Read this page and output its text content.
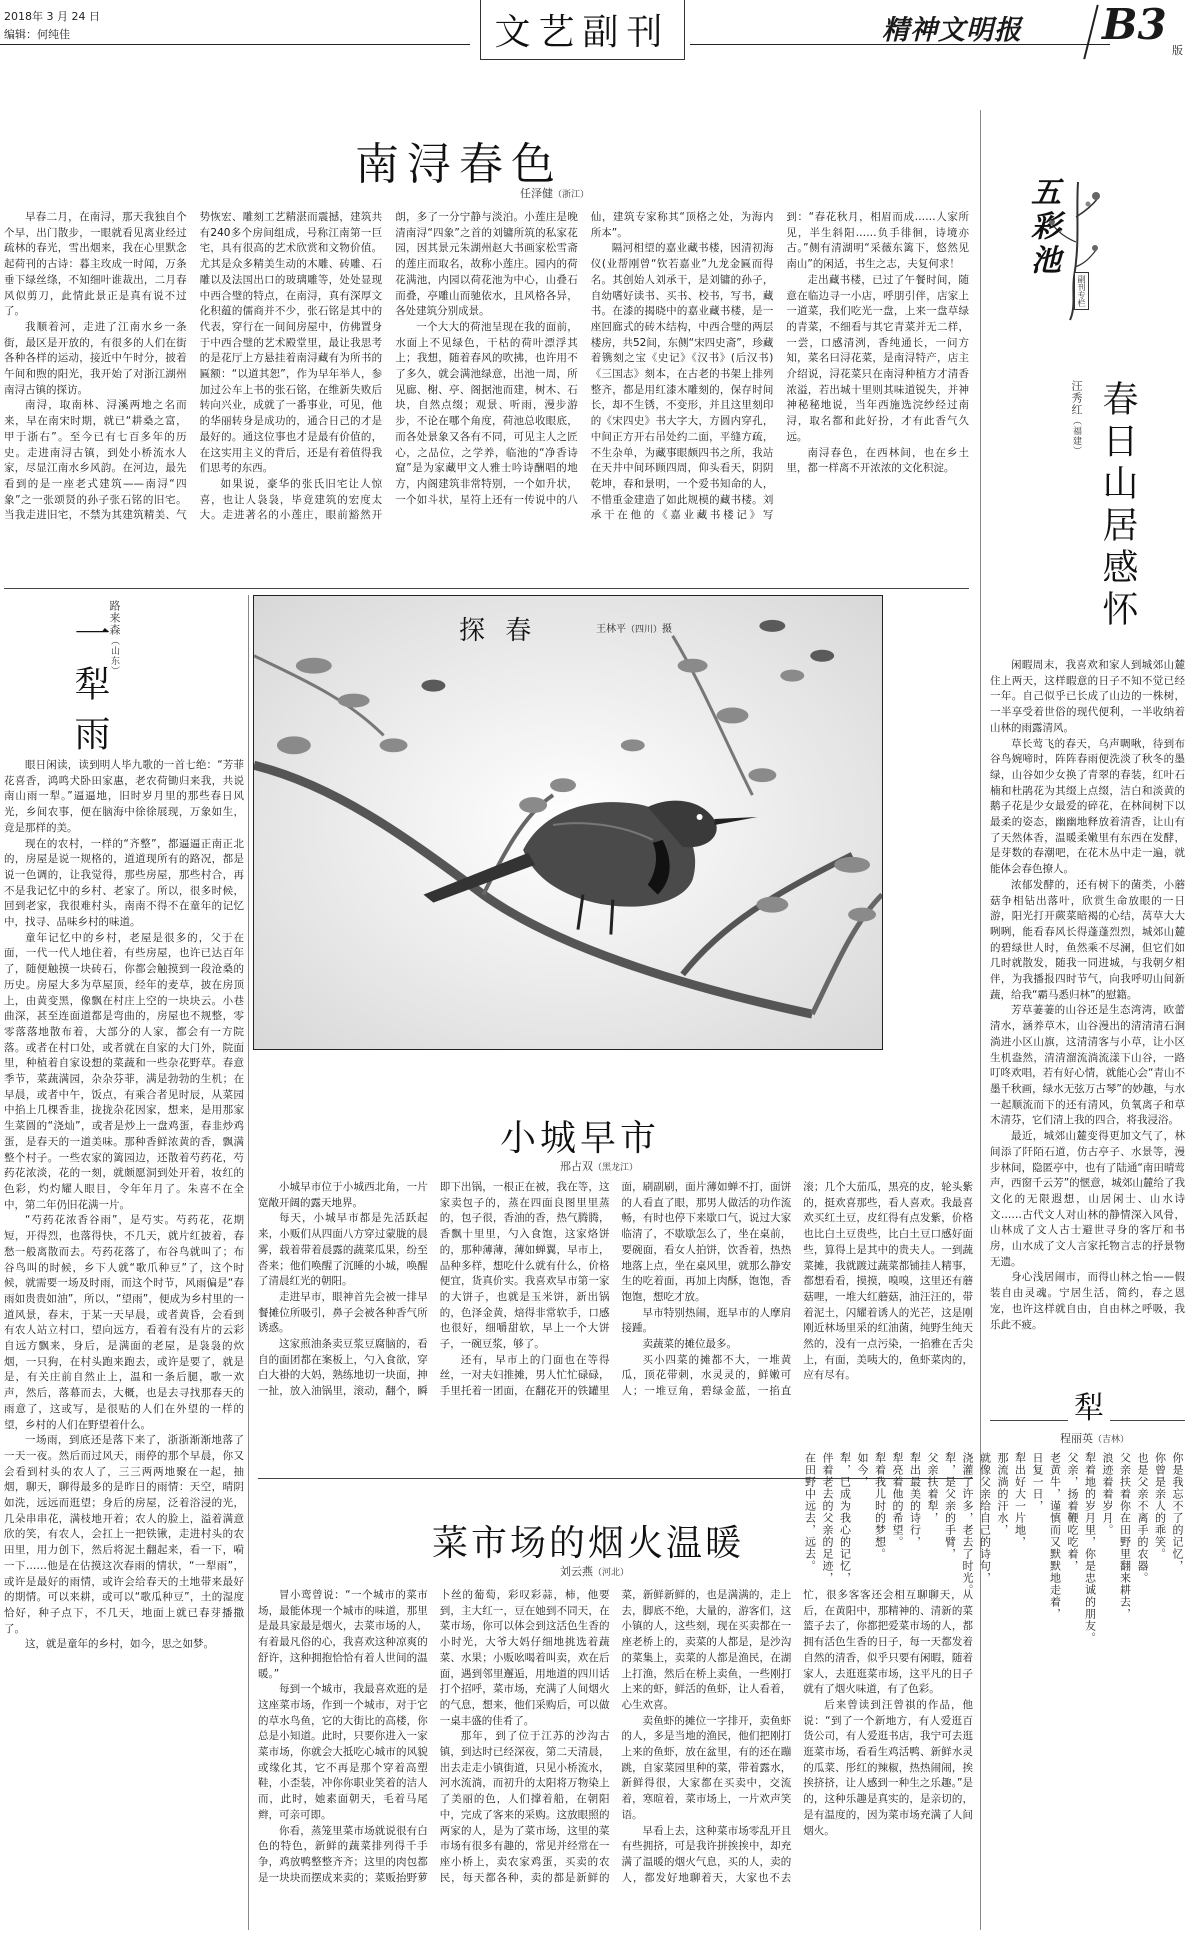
2018年 3 月 24 日
编辑：何纯佳	文艺副刊	精神文明报 B3
版
南浔春色
任泽健（浙江）

早春二月，在南浔，那天我独自个个早，出门散步，一眼就看见离业经过疏林的春光，雪出烟来，我在心里默念起荷刊的古诗：暮主玫成一时闻，万条垂下绿丝绦，不知细叶谁裁出，二月春风似剪刀，此情此景正是真有说不过了。

我顺着河，走进了江南水乡一条街，最区是开放的，有很多的人们在街各种各样的运动，接近中午时分，披着午间和煦的阳光，我开始了对浙江湖州南浔古镇的探访。

南浔，取南林、浔溪两地之名而来，早在南宋时期，就已“耕桑之富，甲于浙右”。至今已有七百多年的历史。走进南浔古镇，到处小桥流水人家，尽显江南水乡风韵。在河边，最先看到的是一座老式建筑——南浔“四象”之一张颂贤的孙子张石铭的旧宅。当我走进旧宅，不禁为其建筑精美、气势恢宏、雕刻工艺精湛而震撼，建筑共有240多个房间组成，号称江南第一巨宅，具有很高的艺术欣赏和文物价值。尤其是众多精美生动的木雕、砖雕、石雕以及法国出口的玻璃雕等，处处显现中西合璧的特点，在南浔，真有深厚文化积蕴的儒商并不少，张石铭是其中的代表，穿行在一间间房屋中，仿佛置身于中西合璧的艺术殿堂里，最让我思考的是花厅上方悬挂着南浔藏有为所书的匾额：“以道其恕”，作为早年举人，参加过公车上书的张石铭，在维新失败后转向兴业，成就了一番事业，可见，他的华丽转身是成功的，通合日己的才是最好的。通这位事也才是最有价值的，在这实用主义的背后，还是有着值得我们思考的东西。

如果说，豪华的张氏旧宅让人惊喜，也让人袅袅，毕竟建筑的宏度太大。走进著名的小莲庄，眼前豁然开朗，多了一分宁静与淡泊。小莲庄是晚清南浔“四象”之首的刘镛所筑的私家花园，因其景元朱湖州赵大书画家松雪斋的莲庄而取名，故称小莲庄。园内的荷花满池，内园以荷花池为中心，山叠石而叠，亭雕山而驰依水，且风格各异，各处建筑分别成景。

一个大大的荷池呈现在我的面前，水面上不见绿色，干枯的荷叶漂浮其上；我想，随着春风的吹拂，也许用不了多久，就会满池绿意，出池一周，所见廊、榭、亭、阁据池而建，树木、石块，自然点缀；观景、听雨，漫步游步，不论在哪个角度，荷池总收眼底，而各处景象又各有不同，可见主人之匠心，之品位，之学养，临池的“净香诗窟”是为家藏甲文人雅士吟诗酬唱的地方，内阁建筑非常特别，一个如升状，一个如斗状，星符上还有一传说中的八仙，建筑专家称其“顶格之处，为海内所本”。

隔河相望的嘉业藏书楼，因清初海仪(业帮刚曾“钦若嘉业”九龙金匾而得名。其创始人刘承干，是刘镛的孙子，自幼嗜好读书、买书、校书，写书，藏书。在漆的揭晓中的嘉业藏书楼，是一座回廊式的砖木结构，中西合璧的两层楼房，共52间，东侧“宋四史斋”，珍藏着镌刻之宝《史记》《汉书》(后汉书)《三国志》刻本，在古老的书架上排列整齐，都是用红漆木雕刻的，保存时间长，却不生锈，不变形，并且这里刻印的《宋四史》书大字大，方圆内穿孔，中间正方开右吊处约二面，平缝方疏，不生杂单，为藏事眼颇四书之所，我站在天井中间环顾四周，仰头看天，阴阴乾坤，春和景明，一个爱书知命的人，不惜重金建造了如此规模的藏书楼。刘承干在他的《嘉业藏书楼记》写到：“春花秋月，相眉而成……人家所见，半生斜阳……负手徘徊，诗境亦古。”侧有清湖明“采薇东篱下，悠然见南山”的闲适，书生之志，夫复何求！

走出藏书楼，已过了午餐时间，随意在临边寻一小店，呼朋引伴，店家上一道菜，我们吃光一盘，上来一盘草绿的青菜，不细看与其它青菜并无二样，一尝，口感清洌，香纯通长，一问方知，菜名曰浔花菜，是南浔特产，店主介绍说，浔花菜只在南浔种植方才清香浓溢，若出城十里则其味道锐失，并神神秘秘地说，当年西施选浣纱经过南浔，取名都和此好扮，才有此香气久远。

南浔春色，在西林间，也在乡土里，都一样离不开浓浓的文化积淀。

五彩池
副刊专栏
春日山居感怀
汪秀红（福建）

闲暇周末，我喜欢和家人到城郊山麓住上两天，这样暇意的日子不知不觉已经一年。自己似乎已长成了山边的一株树，一半享受着世俗的现代便利，一半收纳着山林的雨露清风。

草长莺飞的春天，乌声啁啾，待到布谷鸟婉啼时，阵阵春雨便洗淡了秋冬的墨绿，山谷如少女换了青翠的春装，红叶石楠和杜鹃花为其缀上点缀，洁白和淡黄的鹅子花是少女最爱的碎花，在林间树下以最柔的姿态，幽幽地释放着清香，让山有了天然体香，温暖柔嫩里有东西在发酵，是芽数的春潮吧，在花木丛中走一遍，就能体会春色撩人。

浓郁发酵的，还有树下的菌类，小蘑菇争相钻出落叶，欣赏生命放眼的一日游，阳光打开蕨菜暗褐的心结，莴草大大咧咧，能看春风长得蓬蓬烈烈，城郊山麓的碧绿世人时，鱼然乘不尽澜，但它们如几时就散发，随我一同进城，与我朝夕相伴，为我播报四时节气，向我呼叨山间新蔬，给我“霸马悉归林”的慰籍。

芳草萋萋的山谷还是生态湾湾，欧蕾清水，涵养草木，山谷漫出的清清清石涧淌进小区山旗，这清清客与小草，让小区生机盎然，清清溜流淌流漾下山谷，一路叮咚欢唱，若有好心情，就能心会“青山不墨千秋画，绿水无弦万古琴”的妙趣，与水一起顺流而下的还有清风，负氧离子和草木清芬，它们清上我的四合，将我浸浴。

最近，城郊山麓变得更加文气了，林间添了阡陌石道，仿古亭子、水景等，漫步林间，隐匿亭中，也有了陆通“南田晴莺声，西窗千云芳”的惬意，城郊山麓给了我文化的无限遐想，山居闲士、山水诗文……古代文人对山林的静情深入风骨，山林成了文人古士避世寻身的客厅和书房，山水成了文人言家托物言志的抒景物无遗。

身心浅居闹市，而得山林之怡——假装自由灵魂。宁居生活，简约，春之恩宠，也许这样就自由，自由林之呼吸，我乐此不疲。

一犁雨
路来森（山东）

眼日闲读，读到明人毕九歌的一首七绝：“芳菲花喜香，鸿鸣犬卧田家惠，老农荷锄归来我，共说南山雨一犁。”逼逼地，旧时岁月里的那些春日风光，乡间农事，便在脑海中徐徐展现，万象如生，竟是那样的美。

现在的农村，一样的“齐整”，都逼逼正南正北的，房屋是说一规格的，道道现所有的路况，都是说一色调的，让我觉得，那些房屋，那些村合，再不是我记忆中的乡村、老家了。所以，很多时候，回到老家，我很难村头，南南不得不在童年的记忆中，找寻、品味乡村的味道。

童年记忆中的乡村，老屋是很多的，父于在面，一代一代人地住着，有些房屋，也许已达百年了，随便触摸一块砖石，你都会触摸到一段沧桑的历史。房屋大多为草屋顶，经年的麦草，披在房顶上，由黄变黑，像飘在村庄上空的一块块云。小巷曲深，甚至连面道都是弯曲的，房屋也不规整，零零落落地散布着，大部分的人家，都会有一方院落。或者在村口处，或者就在自家的大门外，院面里，种植着自家设想的菜蔬和一些杂花野草。春意季节，菜蔬满园，杂杂芬菲，满是勃勃的生机；在早晨，或者中午，饭点，有乘合者见时辰，从菜园中掐上几棵香韭，拢拢杂花因家，想来，是用那家生菜圆的“浇灿”，或者是炒上一盘鸡蛋，春韭炒鸡蛋，是春天的一道美味。那种香鲜浓黄的香，飘满整个村子。一些农家的篱园边，还散着芍药花，芍药花浓淡，花的一刻，就颇愿洞到处开着，妆红的色彩，灼灼耀人眼目，令年年月了。朱喜不在全中，第二年仍旧花满一片。

“芍药花浓香谷雨”，是芍实。芍药花，花期短，开得烈，也落得快，不几天，就片红披着，春愁一般离散而去。芍药花落了，布谷鸟就叫了；布谷鸟叫的时候，乡下人就“歌爪种豆”了，这个时候，就需要一场及时雨，而这个时节，风雨偏是“春雨如贵贵如油”，所以，“望雨”，便成为乡村里的一道风景，春末，于某一天早晨，或者黄昏，会看到有农人站立村口，望向远方，看着有没有片的云彩自远方飘来，身后，是满面的老屋，是袅袅的炊烟，一只狗，在村头跑来跑去，或许是要了，就是是，有关庄前自然止上，温和一条后腿，歌一欢声，然后，落幕而去，大概，也是去寻找那春天的雨意了，这或写，是很贴的人们在外望的一样的望，乡村的人们在野望着什么。

一场雨，到底还是落下来了，浙浙渐渐地落了一天一夜。然后而过风天，雨停的那个早晨，你又会看到村头的农人了，三三两两地聚在一起，抽烟，聊天，聊得最多的是昨日的雨情：天空，晴阴如洗，远远而逛望；身后的房屋，泛着浴浸的光，几朵串串花，满枝地开着；农人的脸上，溢着满意欣的笑，有农人，会扛上一把铁锹，走进村头的农田里，用力创下，然后将泥土翻起来，看一下，嗬一下……他是在估摸这次春雨的情状，“一犁雨”，或许是最好的雨情，或许会给春天的土地带来最好的期情。可以来耕，或可以“歌瓜种豆”，土的湿度恰好，种子点下，不几天，地面上就已春芽播撒了。

这，就是童年的乡村，如今，思之如梦。

探 春	王林平（四川）摄
小城早市
邢占双（黑龙江）

小城早市位于小城西北角，一片宽敞开阔的露天地界。

每天，小城早市都是先活跃起来，小贩们从四面八方穿过蒙胧的晨雾，载着带着晨露的蔬菜瓜果，纷至沓来；他们唤醒了沉睡的小城，唤醒了清晨红光的朝阳。

走进早市，眼神首先会被一排早餐摊位所吸引，鼻子会被各种香气所诱惑。

这家煎油条卖豆浆豆腐脑的，看自的面团都在案板上，勺入食欲，穿白大褂的大妈，熟练地切一块面，抻一扯，放入油锅里，滚动，翻个，瞬即下出锅，一根正在被，我在等，这家卖包子的，蒸在四面良图里里蒸的，包子很，香油的香，热气腾腾，香飘十里里，勺入食饱，这家烙饼的，那种薄薄，薄如蝉翼，早市上，品种多样，想吃什么就有什么，价格便宜，货真价实。我喜欢早市第一家的大饼子，也就是玉米饼，新出锅的，色泽金黄，焙得非常软手，口感也很好，细嚼甜软，早上一个大饼子，一碗豆浆，够了。

还有，早市上的门面也在等得丝，一对夫妇推摊，男人忙忙碌碌，手里托着一团面，在翻花开的铁罐里面，刷副刷，面片薄如蝉不打，面饼的人看直了眼，那男人做活的功作流畅，有时也停下来歇口气，说过大家临清了，不歇歇怎么了，坐在桌前，要碗面，看女人拍饼，饮香着，热热地落上点，坐在桌风里，就那么静安生的吃着面，再加上肉酥，饱饱，香饱饱，想吃才放。

早市特别热闹，逛早市的人摩肩接踵。

卖蔬菜的摊位最多。

买小四菜的摊都不大，一堆黄瓜，顶花带刺，水灵灵的，鲜嫩可人；一堆豆角，碧绿金蓝，一掐直滚；几个大茄瓜，黑亮的皮，轮头紫的，挺欢喜那些，看人喜欢。我最喜欢买红土豆，皮红得有点发紫，价格也比白土豆贵些，比白土豆口感好面些，算得上是其中的贵夫人。一到蔬菜摊，我就踱过蔬菜都铺挂人精事，都想看看，摸摸，嗅嗅，这里还有蘑菇哩，一堆大红蘑菇，油汪汪的，带着泥土，闪耀着诱人的光芒，这是刚刚近林场里采的红油菌，纯野生纯天然的，没有一点污染，一掐雅在舌尖上，有面，美咦大的，鱼虾菜肉的，应有尽有。

菜市场的烟火温暖
刘云燕（河北）

冒小鸾曾说：“一个城市的菜市场，最能体现一个城市的味道，那里是最具家最是烟火，去菜市场的人，有着最凡俗的心，我喜欢这种凉爽的舒许，这种拥抱恰恰有着人世间的温暖。”

每到一个城市，我最喜欢逛的是这座菜市场，作到一个城市，对于它的草水鸟鱼，它的大街比的高楼，你总是小知道。此时，只要你进入一家菜市场，你就会大抵吃心城市的风貌或缘化其，它不再是那个穿着高塑鞋，小歪装，冲你你职业笑着的洁人而，此时，她素面朝天，毛着马尾辫，可亲可即。

你看，蒸笼里菜市场就说很有白色的特色，新鲜的蔬菜排列得千手争，鸡放鸭整整齐齐；这里的肉包都是一块块而摆成来卖的；菜贩抬野萝卜丝的葡萄，彩叹彩蒜，柿，他要到，主大红一，豆在她到不同天，在菜市场，你可以体会到这活色生香的小时光，大爷大妈仔细地挑选着蔬菜、水果；小贩吆喝着叫卖，欢在后面，遇到邻里邂逅，用地道的四川话打个招呼，菜市场，充满了人间烟火的气息，想来，他们采购后，可以做一桌丰盛的佳肴了。

那年，到了位于江苏的沙沟古镇，到达时已经深夜，第二天清晨，出去走走小镇街道，只见小桥流水，河水流淌，而初升的太阳将万物染上了美丽的色，人们撑着船，在朝阳中，完成了客来的采购。这放眼照的两家的人，是为了菜市场，这里的菜市场有很多有趣的，常见并经常在一座小桥上，卖农家鸡蛋，买卖的农民，每天都各种，卖的都是新鲜的菜，新鲜新鲜的，也是满满的，走上去，脚底不绝，大量的，游客们，这小镇的人，这些刻，现在买卖都在一座老桥上的，卖菜的人都是，是沙沟的菜集上，卖菜的人都是渔民，在湖上打渔，然后在桥上卖鱼，一些刚打上来的虾，鲜活的鱼虾，让人看着，心生欢喜。

卖鱼虾的摊位一字排开，卖鱼虾的人，多是当地的渔民，他们把刚打上来的鱼虾，放在盆里，有的还在蹦跳，自家菜园里种的菜，带着露水，新鲜得很，大家都在买卖中，交流着，寒暄着，菜市场上，一片欢声笑语。

早看上去，这种菜市场零乱开且有些拥挤，可是我许拼挨挨中，却充满了温暖的烟火气息，买的人，卖的人，都发好地聊着天，大家也不去忙，很多客客还会相互聊聊天，从后，在黄阳中，那精神的、清新的菜篮子去了，你都把爱菜市场的人，都拥有活色生香的日子，每一天都发着自然的清香，似乎只要有闲暇，随着家人，去逛逛菜市场，这平凡的日子就有了烟火味道，有了色彩。

后来曾读到汪曾祺的作品，他说：“到了一个新地方，有人爱逛百货公司，有人爱逛书店，我宁可去逛逛菜市场，看看生鸡活鸭、新鲜水灵的瓜菜、彤红的辣椒，热热闹闹，挨挨挤挤，让人感到一种生之乐趣。”是的，这种乐趣是真实的，是亲切的，是有温度的，因为菜市场充满了人间烟火。

犁
程丽英（吉林）
你是我忘不了的记忆，
你曾是亲人的乖笑。
也是父亲不离手的农器。
父亲扶着你在田野里翻来耕去，
浪迹着着岁月。
犁着地的岁月里，你是忠诚的朋友。
父亲，扬着鞭吃吃着，
老黄牛，谨慎而又默默地走着，
日复一日，
犁出好大一片地，
那流淌的汗水，
就像父亲给自己的诗句，
浇灌了许多，老去了时光。
犁，是父亲的手臂，
父亲扶着犁，
犁出最美的诗行，
犁亮着他的希望。
犁着我儿时的梦想。
如今，
犁，已成为我心的记忆，
伴着老去的父亲的足迹，
在田野中远去，远去。
